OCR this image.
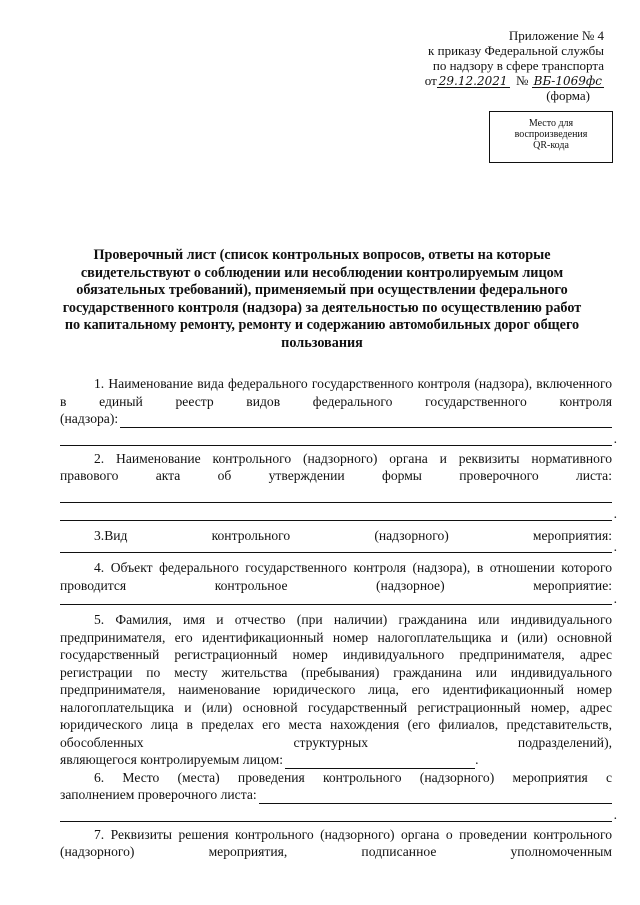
Приложение № 4
к приказу Федеральной службы
по надзору в сфере транспорта
от 29.12.2021 № ВБ-1069фс
(форма)
Место для
воспроизведения
QR-кода
Проверочный лист (список контрольных вопросов, ответы на которые свидетельствуют о соблюдении или несоблюдении контролируемым лицом обязательных требований), применяемый при осуществлении федерального государственного контроля (надзора) за деятельностью по осуществлению работ по капитальному ремонту, ремонту и содержанию автомобильных дорог общего пользования

1. Наименование вида федерального государственного контроля (надзора), включенного в единый реестр видов федерального государственного контроля

(надзора):
.

2. Наименование контрольного (надзорного) органа и реквизиты нормативного правового акта об утверждении формы проверочного листа:

.

3.Вид контрольного (надзорного) мероприятия:

.

4. Объект федерального государственного контроля (надзора), в отношении которого проводится контрольное (надзорное) мероприятие:

.

5. Фамилия, имя и отчество (при наличии) гражданина или индивидуального предпринимателя, его идентификационный номер налогоплательщика и (или) основной государственный регистрационный номер индивидуального предпринимателя, адрес регистрации по месту жительства (пребывания) гражданина или индивидуального предпринимателя, наименование юридического лица, его идентификационный номер налогоплательщика и (или) основной государственный регистрационный номер, адрес юридического лица в пределах его места нахождения (его филиалов, представительств, обособленных структурных подразделений),

являющегося контролируемым лицом:	.

6. Место (места) проведения контрольного (надзорного) мероприятия с

заполнением проверочного листа:
.

7. Реквизиты решения контрольного (надзорного) органа о проведении контрольного (надзорного) мероприятия, подписанное уполномоченным
